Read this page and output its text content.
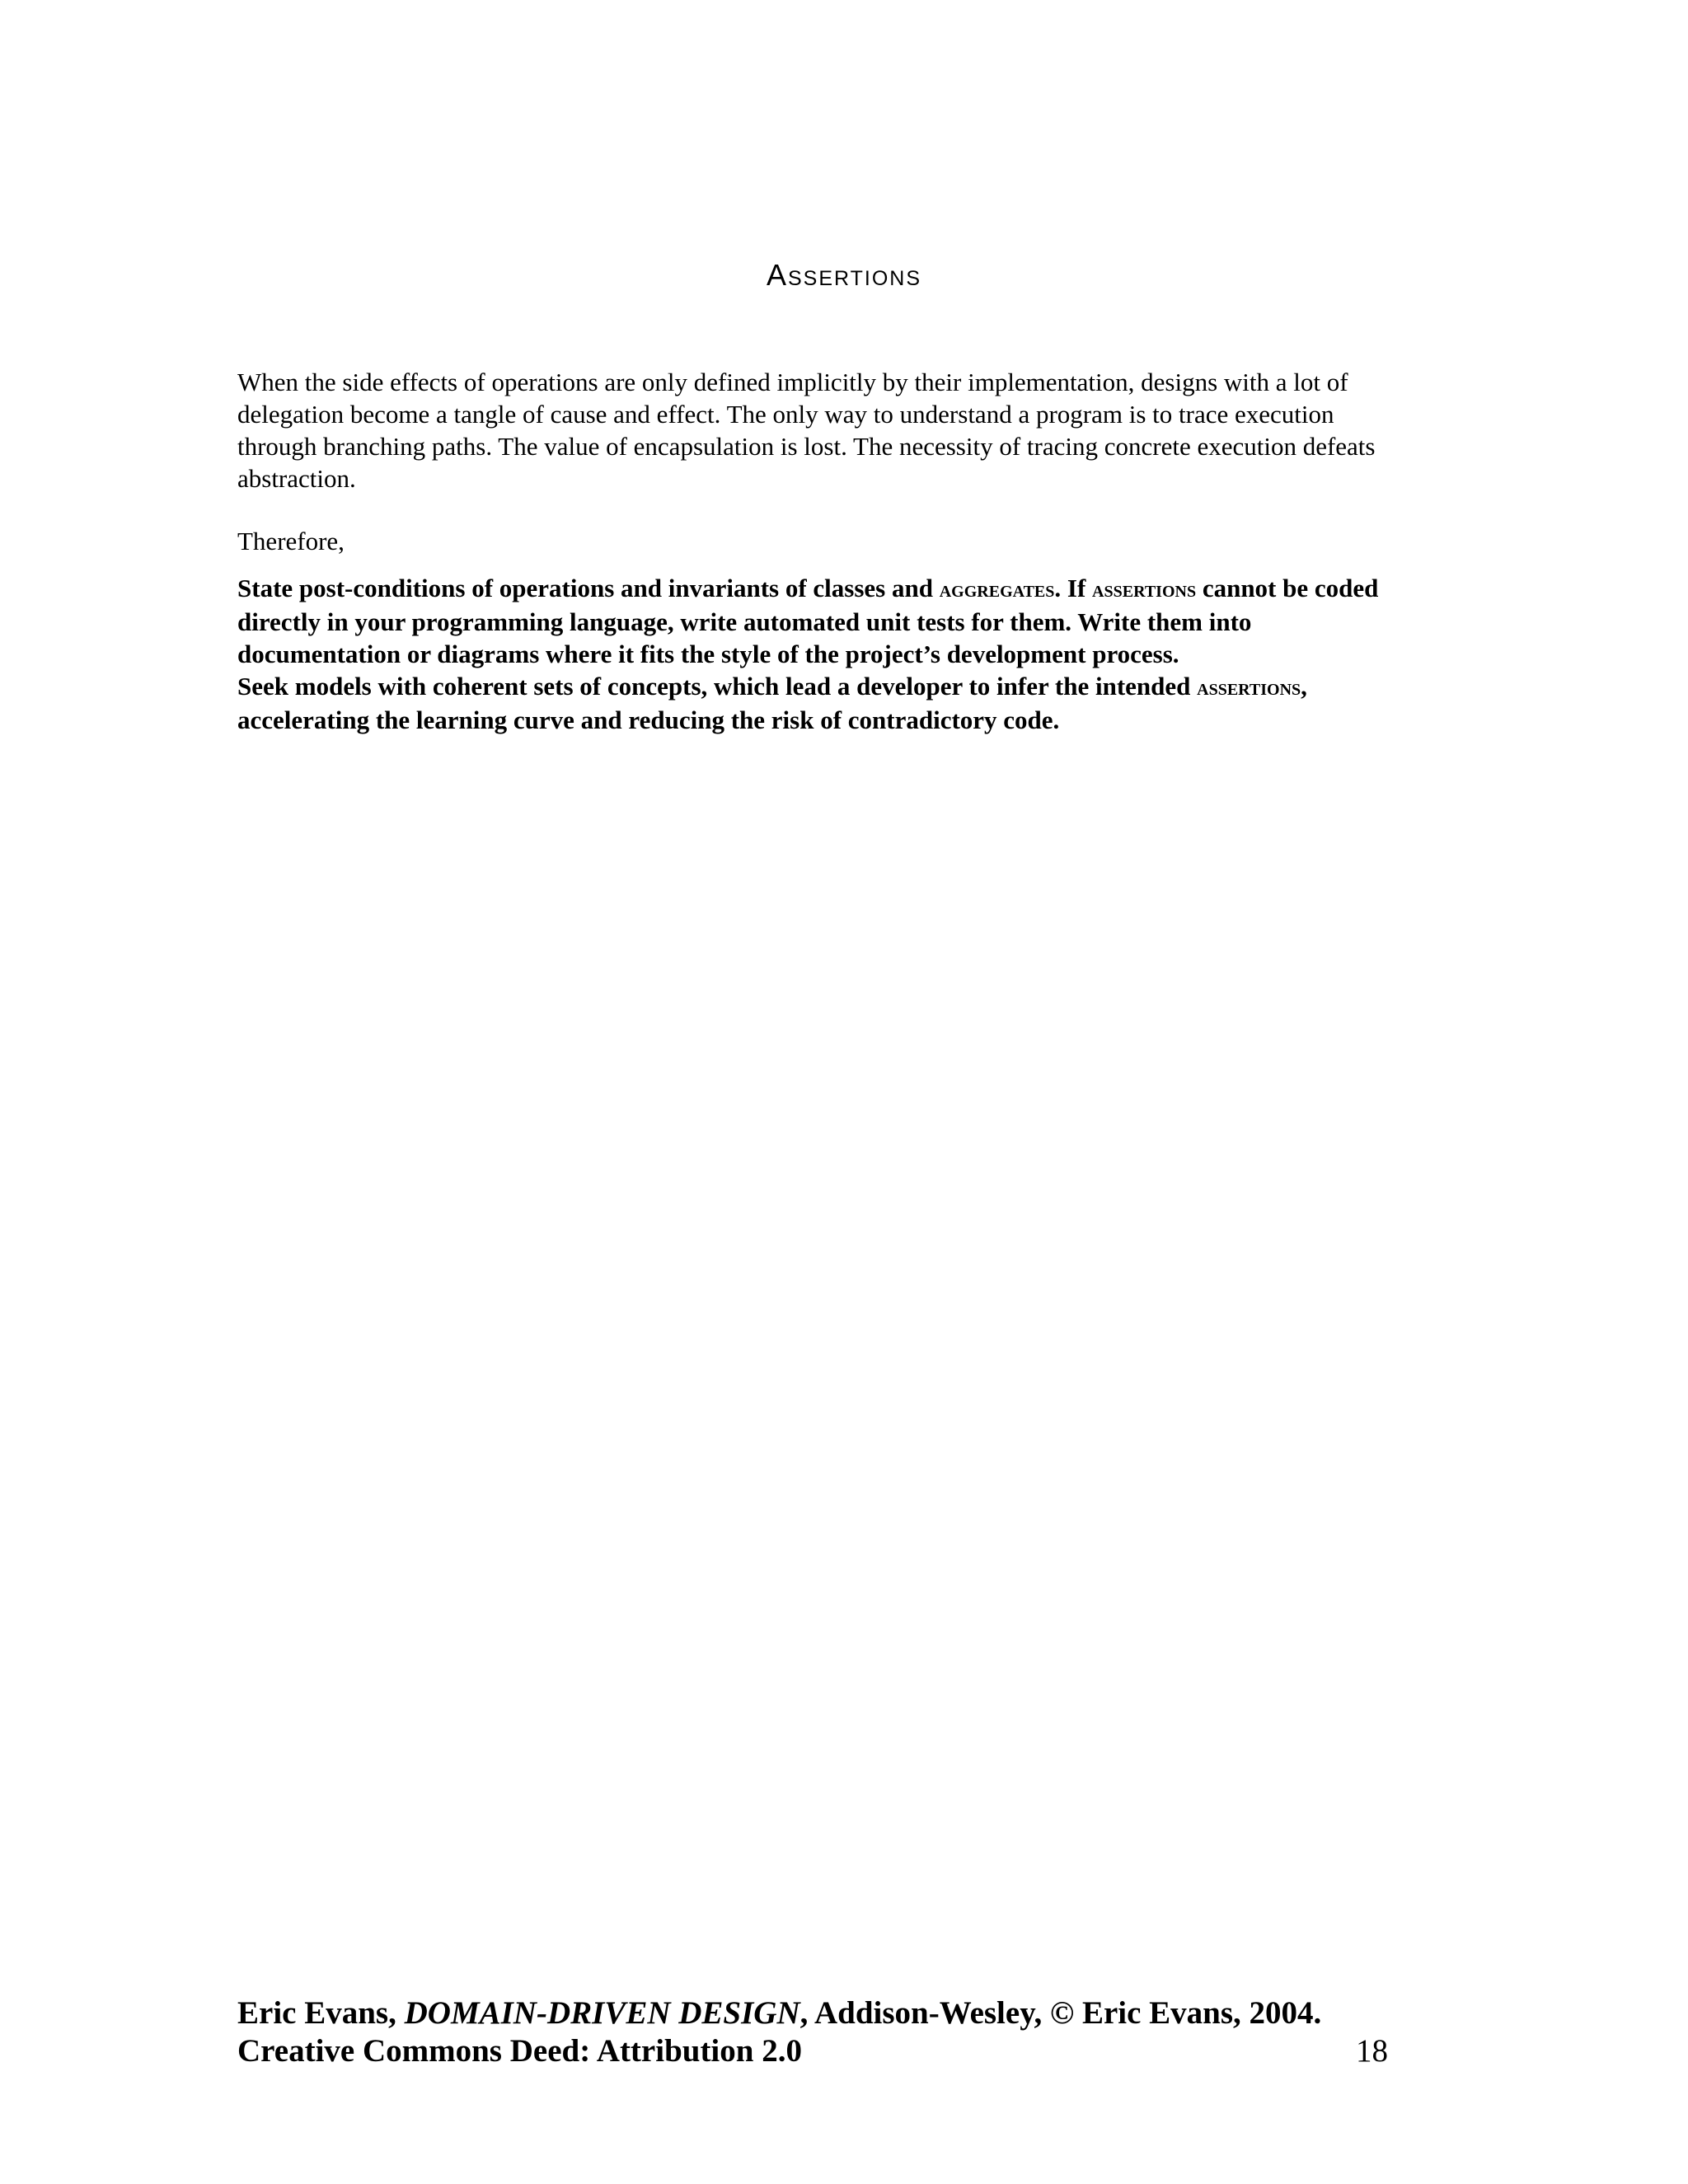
Assertions
When the side effects of operations are only defined implicitly by their implementation, designs with a lot of delegation become a tangle of cause and effect. The only way to understand a program is to trace execution through branching paths. The value of encapsulation is lost. The necessity of tracing concrete execution defeats abstraction.
Therefore,
State post-conditions of operations and invariants of classes and aggregates. If assertions cannot be coded directly in your programming language, write automated unit tests for them. Write them into documentation or diagrams where it fits the style of the project’s development process.
Seek models with coherent sets of concepts, which lead a developer to infer the intended assertions, accelerating the learning curve and reducing the risk of contradictory code.
Eric Evans, DOMAIN-DRIVEN DESIGN, Addison-Wesley, © Eric Evans, 2004.
Creative Commons Deed: Attribution 2.0	18
